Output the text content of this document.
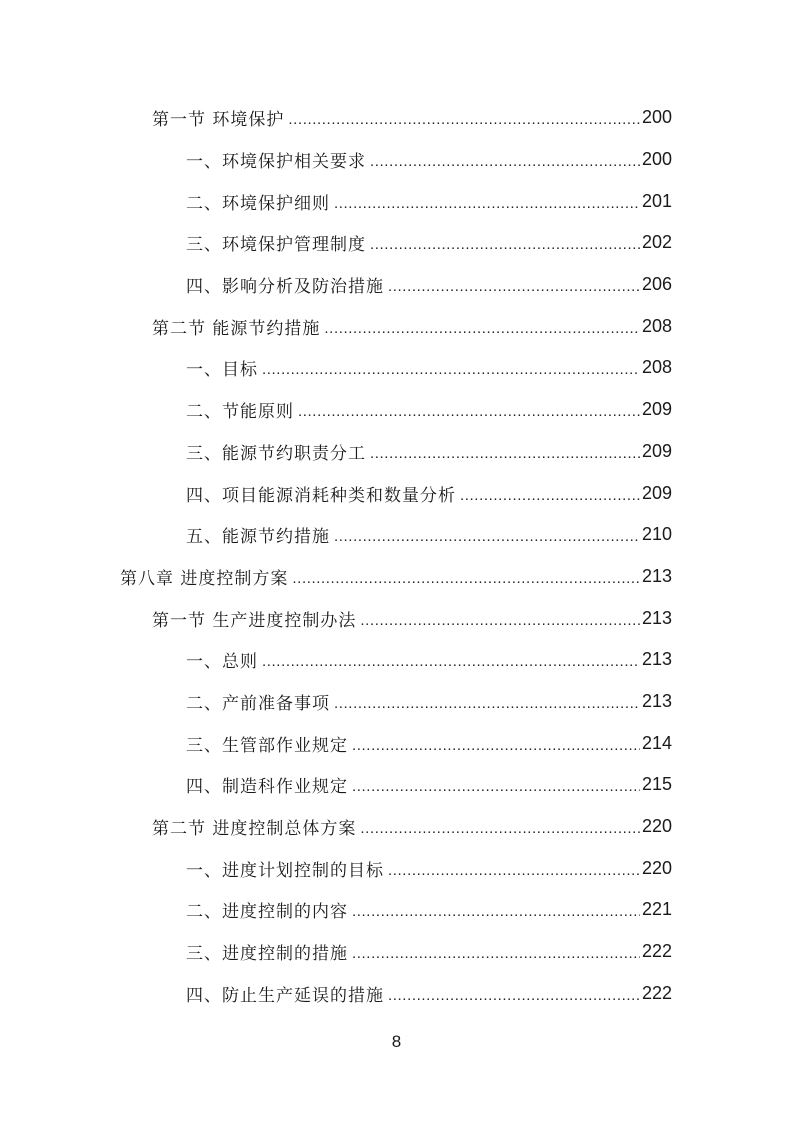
第一节 环境保护 .....	200
一、环境保护相关要求 .....	200
二、环境保护细则 .....	201
三、环境保护管理制度 .....	202
四、影响分析及防治措施 .....	206
第二节 能源节约措施 .....	208
一、目标 .....	208
二、节能原则 .....	209
三、能源节约职责分工 .....	209
四、项目能源消耗种类和数量分析 .....	209
五、能源节约措施 .....	210
第八章 进度控制方案 .....	213
第一节 生产进度控制办法 .....	213
一、总则 .....	213
二、产前准备事项 .....	213
三、生管部作业规定 .....	214
四、制造科作业规定 .....	215
第二节 进度控制总体方案 .....	220
一、进度计划控制的目标 .....	220
二、进度控制的内容 .....	221
三、进度控制的措施 .....	222
四、防止生产延误的措施 .....	222
8
